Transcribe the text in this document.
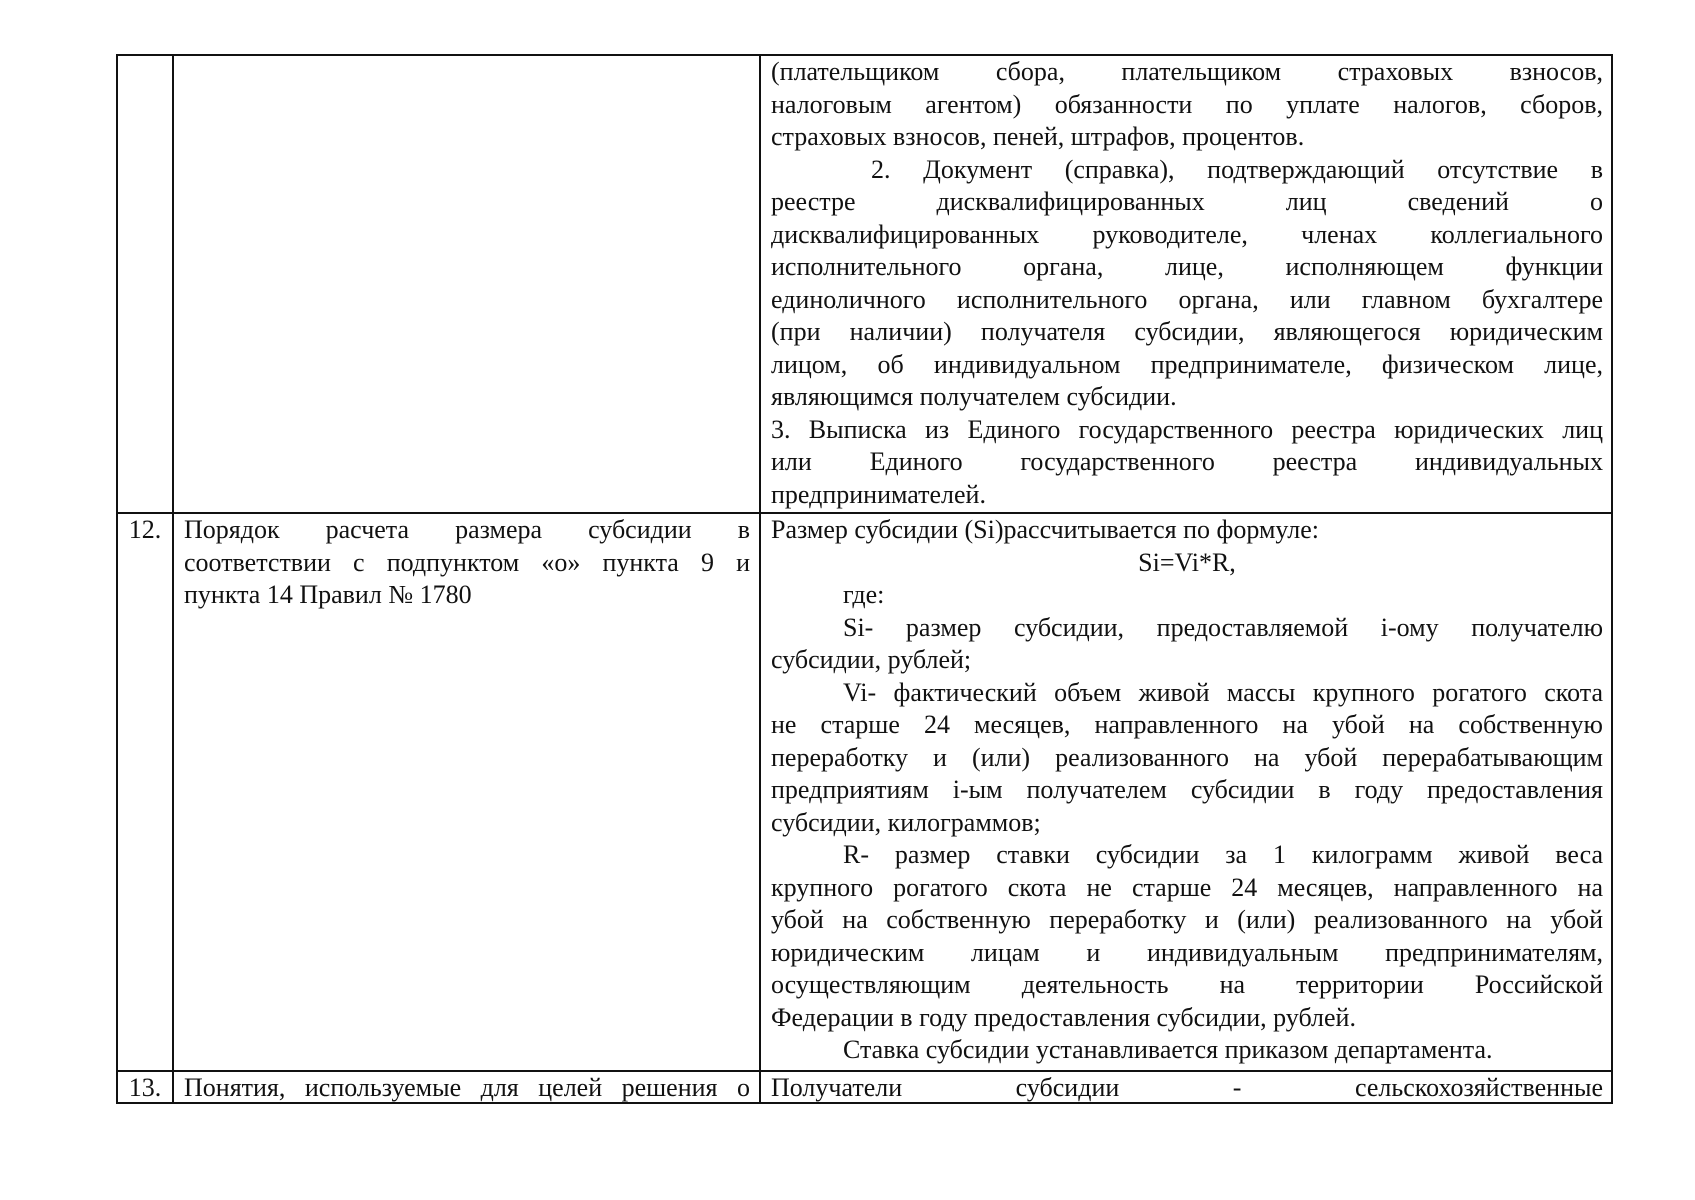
(плательщиком сбора, плательщиком страховых взносов,
налоговым агентом) обязанности по уплате налогов, сборов,
страховых взносов, пеней, штрафов, процентов.
2. Документ (справка), подтверждающий отсутствие в
реестре дисквалифицированных лиц сведений о
дисквалифицированных руководителе, членах коллегиального
исполнительного органа, лице, исполняющем функции
единоличного исполнительного органа, или главном бухгалтере
(при наличии) получателя субсидии, являющегося юридическим
лицом, об индивидуальном предпринимателе, физическом лице,
являющимся получателем субсидии.
3. Выписка из Единого государственного реестра юридических лиц
или Единого государственного реестра индивидуальных
предпринимателей.
12. Порядок расчета размера субсидии в
соответствии с подпунктом «о» пункта 9 и
пункта 14 Правил № 1780
Размер субсидии (Si)рассчитывается по формуле:
Si=Vi*R,
где:
Si- размер субсидии, предоставляемой i-ому получателю
субсидии, рублей;
Vi- фактический объем живой массы крупного рогатого скота
не старше 24 месяцев, направленного на убой на собственную
переработку и (или) реализованного на убой перерабатывающим
предприятиям i-ым получателем субсидии в году предоставления
субсидии, килограммов;
R- размер ставки субсидии за 1 килограмм живой веса
крупного рогатого скота не старше 24 месяцев, направленного на
убой на собственную переработку и (или) реализованного на убой
юридическим лицам и индивидуальным предпринимателям,
осуществляющим деятельность на территории Российской
Федерации в году предоставления субсидии, рублей.
Ставка субсидии устанавливается приказом департамента.
13. Понятия, используемые для целей решения о Получатели субсидии - сельскохозяйственные
